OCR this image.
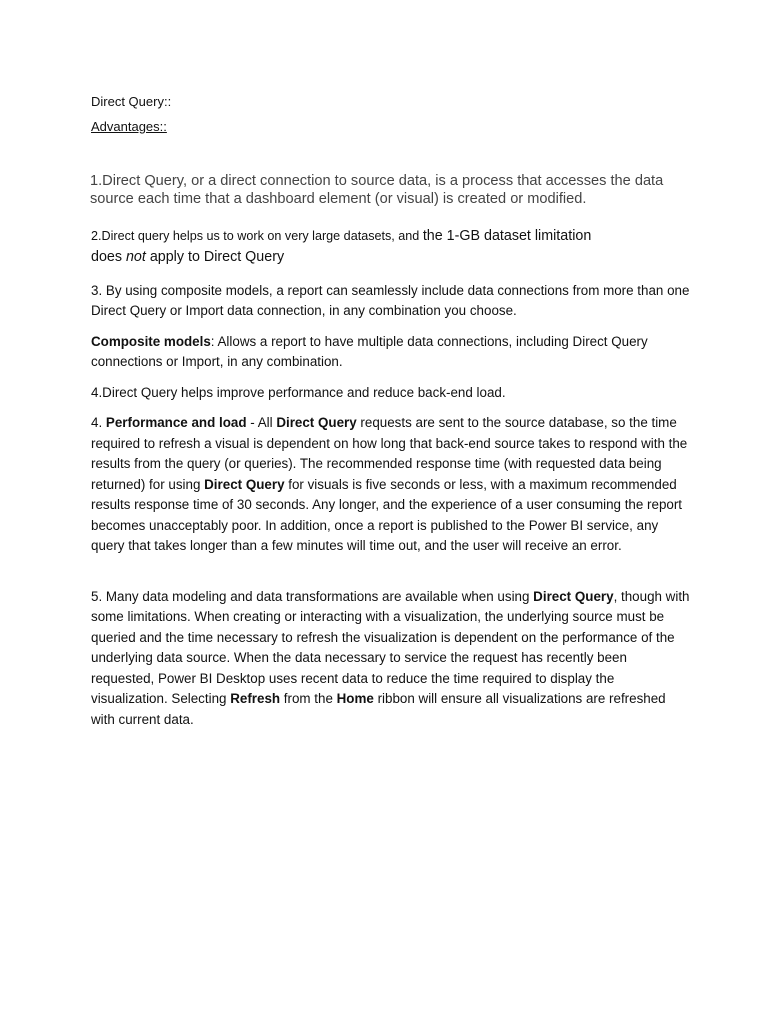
Direct Query::

Advantages::

1.Direct Query, or a direct connection to source data, is a process that accesses the data source each time that a dashboard element (or visual) is created or modified.

2.Direct query helps us to work on very large datasets, and the 1-GB dataset limitation
does not apply to Direct Query

3. By using composite models, a report can seamlessly include data connections from more than one Direct Query or Import data connection, in any combination you choose.

Composite models: Allows a report to have multiple data connections, including Direct Query connections or Import, in any combination.

4.Direct Query helps improve performance and reduce back-end load.

4. Performance and load - All Direct Query requests are sent to the source database, so the time required to refresh a visual is dependent on how long that back-end source takes to respond with the results from the query (or queries). The recommended response time (with requested data being returned) for using Direct Query for visuals is five seconds or less, with a maximum recommended results response time of 30 seconds. Any longer, and the experience of a user consuming the report becomes unacceptably poor. In addition, once a report is published to the Power BI service, any query that takes longer than a few minutes will time out, and the user will receive an error.

5. Many data modeling and data transformations are available when using Direct Query, though with some limitations. When creating or interacting with a visualization, the underlying source must be queried and the time necessary to refresh the visualization is dependent on the performance of the underlying data source. When the data necessary to service the request has recently been requested, Power BI Desktop uses recent data to reduce the time required to display the visualization. Selecting Refresh from the Home ribbon will ensure all visualizations are refreshed with current data.
